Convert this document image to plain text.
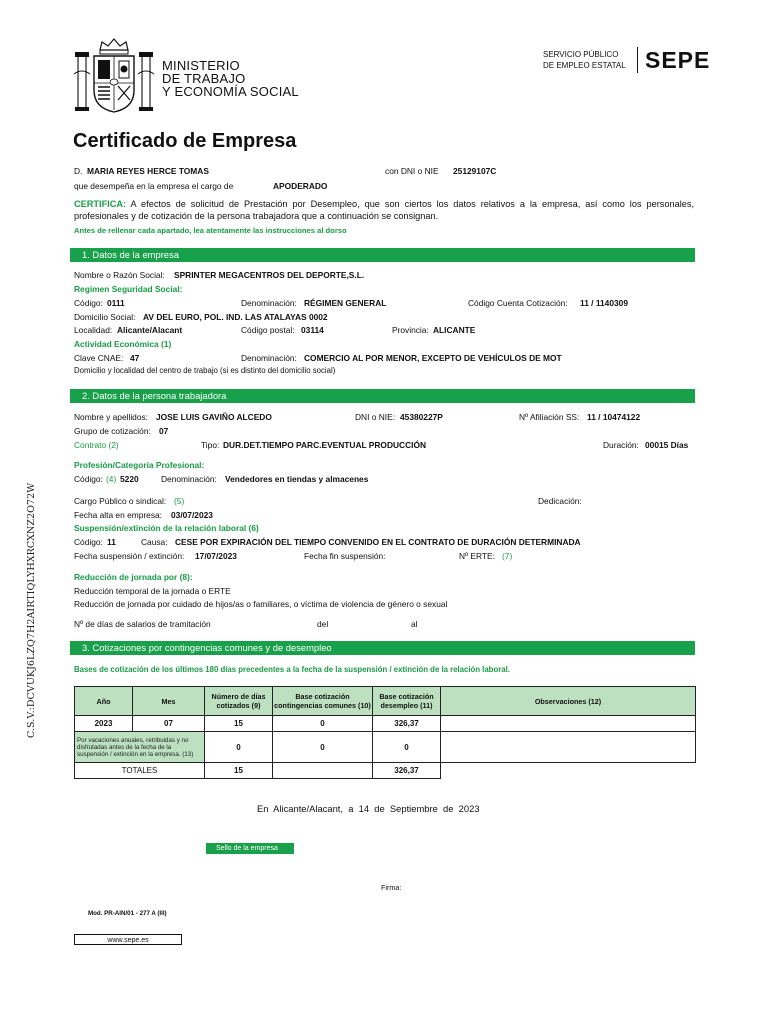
MINISTERIO
DE TRABAJO
Y ECONOMÍA SOCIAL
SERVICIO PÚBLICO
DE EMPLEO ESTATAL SEPE
Certificado de Empresa
D. MARIA REYES HERCE TOMAS	con DNI o NIE 25129107C
que desempeña en la empresa el cargo de	APODERADO
CERTIFICA: A efectos de solicitud de Prestación por Desempleo, que son ciertos los datos relativos a la empresa, así como los personales, profesionales y de cotización de la persona trabajadora que a continuación se consignan.
Antes de rellenar cada apartado, lea atentamente las instrucciones al dorso
1. Datos de la empresa
Nombre o Razón Social: SPRINTER MEGACENTROS DEL DEPORTE,S.L.
Regimen Seguridad Social:
Código: 0111	Denominación: RÉGIMEN GENERAL	Código Cuenta Cotización: 11 / 1140309
Domicilio Social: AV DEL EURO, POL. IND. LAS ATALAYAS 0002
Localidad: Alicante/Alacant	Código postal: 03114	Provincia: ALICANTE
Actividad Económica (1)
Clave CNAE: 47	Denominación: COMERCIO AL POR MENOR, EXCEPTO DE VEHÍCULOS DE MOT
Domicilio y localidad del centro de trabajo (si es distinto del domicilio social)
2. Datos de la persona trabajadora
Nombre y apellidos: JOSE LUIS GAVIÑO ALCEDO	DNI o NIE: 45380227P	Nº Afiliación SS: 11 / 10474122
Grupo de cotización: 07
Contrato (2)	Tipo: DUR.DET.TIEMPO PARC.EVENTUAL PRODUCCIÓN	Duración: 00015 Días
Profesión/Categoría Profesional:
Código: (4) 5220	Denominación: Vendedores en tiendas y almacenes
Cargo Público o sindical: (5)	Dedicación:
Fecha alta en empresa: 03/07/2023
Suspensión/extinción de la relación laboral (6)
Código: 11	Causa: CESE POR EXPIRACIÓN DEL TIEMPO CONVENIDO EN EL CONTRATO DE DURACIÓN DETERMINADA
Fecha suspensión / extinción: 17/07/2023	Fecha fin suspensión:	Nº ERTE: (7)
Reducción de jornada por (8):
Reducción temporal de la jornada o ERTE
Reducción de jornada por cuidado de hijos/as o familiares, o víctima de violencia de género o sexual
Nº de días de salarios de tramitación	del	al
3. Cotizaciones por contingencias comunes y de desempleo
Bases de cotización de los últimos 180 días precedentes a la fecha de la suspensión / extinción de la relación laboral.
Año	Mes	Número de días cotizados (9)	Base cotización contingencias comunes (10)	Base cotización desempleo (11)	Observaciones (12)
2023	07	15	0	326,37	
Por vacaciones anuales, retribuidas y no disfrutadas antes de la fecha de la suspensión / extinción en la empresa. (13)		0	0	0	
TOTALES		15		326,37	
En  Alicante/Alacant,  a  14  de  Septiembre  de  2023
Sello de la empresa
Firma:
Mod. PR-AIN/01 - 277 A (III)
www.sepe.es
C.S.V.:DCVUKJ6LZQ7H2AIRTIQLYHXRCXNZ2O72W
